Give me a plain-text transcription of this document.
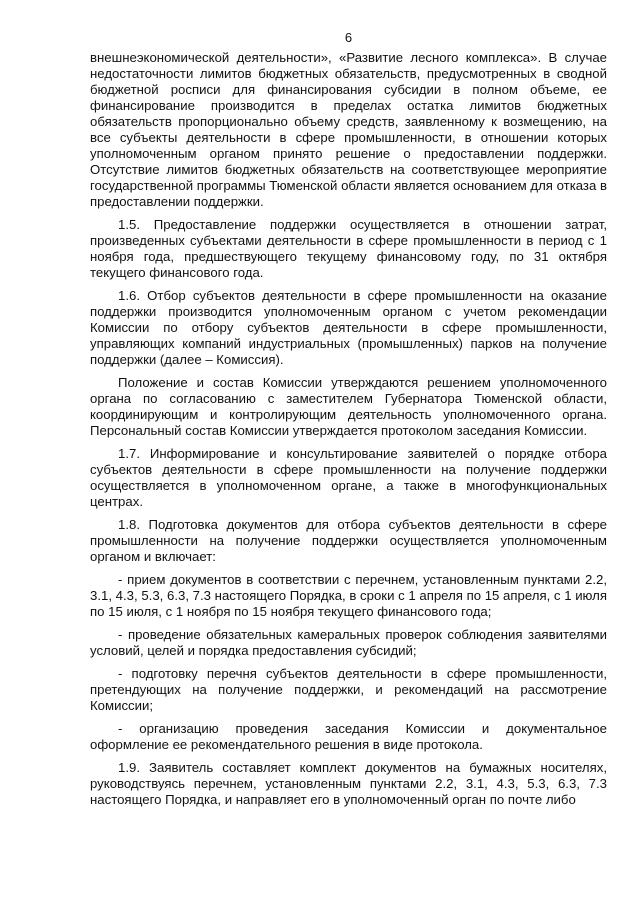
6

внешнеэкономической деятельности», «Развитие лесного комплекса». В случае недостаточности лимитов бюджетных обязательств, предусмотренных в сводной бюджетной росписи для финансирования субсидии в полном объеме, ее финансирование производится в пределах остатка лимитов бюджетных обязательств пропорционально объему средств, заявленному к возмещению, на все субъекты деятельности в сфере промышленности, в отношении которых уполномоченным органом принято решение о предоставлении поддержки. Отсутствие лимитов бюджетных обязательств на соответствующее мероприятие государственной программы Тюменской области является основанием для отказа в предоставлении поддержки.

1.5. Предоставление поддержки осуществляется в отношении затрат, произведенных субъектами деятельности в сфере промышленности в период с 1 ноября года, предшествующего текущему финансовому году, по 31 октября текущего финансового года.

1.6. Отбор субъектов деятельности в сфере промышленности на оказание поддержки производится уполномоченным органом с учетом рекомендации Комиссии по отбору субъектов деятельности в сфере промышленности, управляющих компаний индустриальных (промышленных) парков на получение поддержки (далее – Комиссия).

Положение и состав Комиссии утверждаются решением уполномоченного органа по согласованию с заместителем Губернатора Тюменской области, координирующим и контролирующим деятельность уполномоченного органа. Персональный состав Комиссии утверждается протоколом заседания Комиссии.

1.7. Информирование и консультирование заявителей о порядке отбора субъектов деятельности в сфере промышленности на получение поддержки осуществляется в уполномоченном органе, а также в многофункциональных центрах.

1.8. Подготовка документов для отбора субъектов деятельности в сфере промышленности на получение поддержки осуществляется уполномоченным органом и включает:

- прием документов в соответствии с перечнем, установленным пунктами 2.2, 3.1, 4.3, 5.3, 6.3, 7.3 настоящего Порядка, в сроки с 1 апреля по 15 апреля, с 1 июля по 15 июля, с 1 ноября по 15 ноября текущего финансового года;

- проведение обязательных камеральных проверок соблюдения заявителями условий, целей и порядка предоставления субсидий;

- подготовку перечня субъектов деятельности в сфере промышленности, претендующих на получение поддержки, и рекомендаций на рассмотрение Комиссии;

- организацию проведения заседания Комиссии и документальное оформление ее рекомендательного решения в виде протокола.

1.9. Заявитель составляет комплект документов на бумажных носителях, руководствуясь перечнем, установленным пунктами 2.2, 3.1, 4.3, 5.3, 6.3, 7.3 настоящего Порядка, и направляет его в уполномоченный орган по почте либо
